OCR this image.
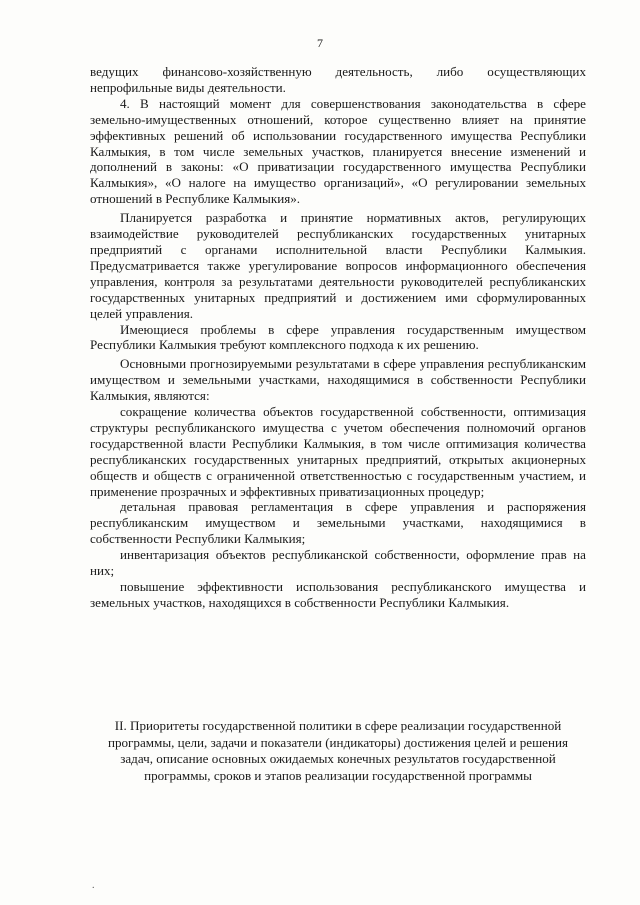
7

ведущих финансово-хозяйственную деятельность, либо осуществляющих непрофильные виды деятельности.

4. В настоящий момент для совершенствования законодательства в сфере земельно-имущественных отношений, которое существенно влияет на принятие эффективных решений об использовании государственного имущества Республики Калмыкия, в том числе земельных участков, планируется внесение изменений и дополнений в законы: «О приватизации государственного имущества Республики Калмыкия», «О налоге на имущество организаций», «О регулировании земельных отношений в Республике Калмыкия».

Планируется разработка и принятие нормативных актов, регулирующих взаимодействие руководителей республиканских государственных унитарных предприятий с органами исполнительной власти Республики Калмыкия. Предусматривается также урегулирование вопросов информационного обеспечения управления, контроля за результатами деятельности руководителей республиканских государственных унитарных предприятий и достижением ими сформулированных целей управления.

Имеющиеся проблемы в сфере управления государственным имуществом Республики Калмыкия требуют комплексного подхода к их решению.

Основными прогнозируемыми результатами в сфере управления республиканским имуществом и земельными участками, находящимися в собственности Республики Калмыкия, являются:

сокращение количества объектов государственной собственности, оптимизация структуры республиканского имущества с учетом обеспечения полномочий органов государственной власти Республики Калмыкия, в том числе оптимизация количества республиканских государственных унитарных предприятий, открытых акционерных обществ и обществ с ограниченной ответственностью с государственным участием, и применение прозрачных и эффективных приватизационных процедур;

детальная правовая регламентация в сфере управления и распоряжения республиканским имуществом и земельными участками, находящимися в собственности Республики Калмыкия;

инвентаризация объектов республиканской собственности, оформление прав на них;

повышение эффективности использования республиканского имущества и земельных участков, находящихся в собственности Республики Калмыкия.

II. Приоритеты государственной политики в сфере реализации государственной программы, цели, задачи и показатели (индикаторы) достижения целей и решения задач, описание основных ожидаемых конечных результатов государственной программы, сроков и этапов реализации государственной программы
.
